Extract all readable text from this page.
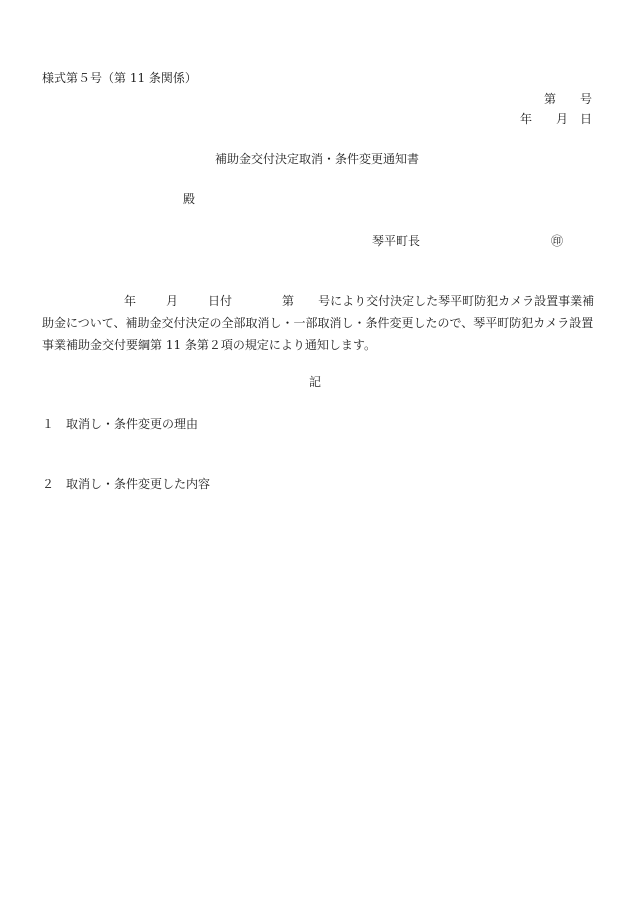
様式第５号（第 11 条関係）
第 号
年 月 日
補助金交付決定取消・条件変更通知書
殿
琴平町長	㊞
年	月	日付	第 号により交付決定した琴平町防犯カメラ設置事業補助金について、補助金交付決定の全部取消し・一部取消し・条件変更したので、琴平町防犯カメラ設置事業補助金交付要綱第 11 条第２項の規定により通知します。
記
１ 取消し・条件変更の理由
２ 取消し・条件変更した内容
